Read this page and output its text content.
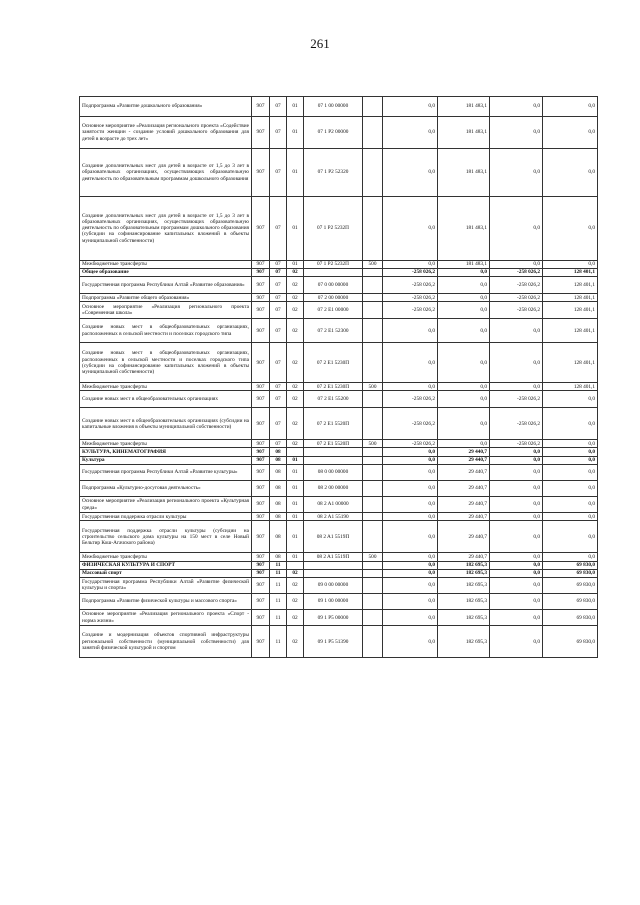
261
Подпрограмма «Развитие дошкольного образования»	907	07	01	07 1 00 00000		0,0	181 483,1	0,0	0,0
Основное мероприятие «Реализация регионального проекта «Содействие занятости женщин - создание условий дошкольного образования для детей в возрасте до трех лет»	907	07	01	07 1 P2 00000		0,0	181 483,1	0,0	0,0
Создание дополнительных мест для детей в возрасте от 1,5 до 3 лет в образовательных организациях, осуществляющих образовательную деятельность по образовательным программам дошкольного образования	907	07	01	07 1 P2 52320		0,0	181 483,1	0,0	0,0
Создание дополнительных мест для детей в возрасте от 1,5 до 3 лет в образовательных организациях, осуществляющих образовательную деятельность по образовательным программам дошкольного образования (субсидии на софинансирование капитальных вложений в объекты муниципальной собственности)	907	07	01	07 1 P2 5232П		0,0	181 483,1	0,0	0,0
Межбюджетные трансферты	907	07	01	07 1 P2 5232П	500	0,0	181 483,1	0,0	0,0
Общее образование	907	07	02			-258 026,2	0,0	-258 026,2	128 401,1
Государственная программа Республики Алтай «Развитие образования»	907	07	02	07 0 00 00000		-258 026,2	0,0	-258 026,2	128 401,1
Подпрограмма «Развитие общего образования»	907	07	02	07 2 00 00000		-258 026,2	0,0	-258 026,2	128 401,1
Основное мероприятие «Реализация регионального проекта «Современная школа»	907	07	02	07 2 E1 00000		-258 026,2	0,0	-258 026,2	128 401,1
Создание новых мест в общеобразовательных организациях, расположенных в сельской местности и поселках городского типа	907	07	02	07 2 E1 52300		0,0	0,0	0,0	128 401,1
Создание новых мест в общеобразовательных организациях, расположенных в сельской местности и поселках городского типа (субсидии на софинансирование капитальных вложений в объекты муниципальной собственности)	907	07	02	07 2 E1 5230П		0,0	0,0	0,0	128 401,1
Межбюджетные трансферты	907	07	02	07 2 E1 5230П	500	0,0	0,0	0,0	128 401,1
Создание новых мест в общеобразовательных организациях	907	07	02	07 2 E1 55200		-258 026,2	0,0	-258 026,2	0,0
Создание новых мест в общеобразовательных организациях (субсидии на капитальные вложения в объекты муниципальной собственности)	907	07	02	07 2 E1 5520П		-258 026,2	0,0	-258 026,2	0,0
Межбюджетные трансферты	907	07	02	07 2 E1 5520П	500	-258 026,2	0,0	-258 026,2	0,0
КУЛЬТУРА, КИНЕМАТОГРАФИЯ	907	08				0,0	29 440,7	0,0	0,0
Культура	907	08	01			0,0	29 440,7	0,0	0,0
Государственная программа Республики Алтай «Развитие культуры»	907	08	01	08 0 00 00000		0,0	29 440,7	0,0	0,0
Подпрограмма «Культурно-досуговая деятельность»	907	08	01	08 2 00 00000		0,0	29 440,7	0,0	0,0
Основное мероприятие «Реализация регионального проекта «Культурная среда»	907	08	01	08 2 A1 00000		0,0	29 440,7	0,0	0,0
Государственная поддержка отрасли культуры	907	08	01	08 2 A1 55190		0,0	29 440,7	0,0	0,0
Государственная поддержка отрасли культуры (субсидии на строительство сельского дома культуры на 150 мест в селе Новый Бельтир Кош-Агачского района)	907	08	01	08 2 A1 5519П		0,0	29 440,7	0,0	0,0
Межбюджетные трансферты	907	08	01	08 2 A1 5519П	500	0,0	29 440,7	0,0	0,0
ФИЗИЧЕСКАЯ КУЛЬТУРА И СПОРТ	907	11				0,0	182 695,3	0,0	69 830,0
Массовый спорт	907	11	02			0,0	182 695,3	0,0	69 830,0
Государственная программа Республики Алтай «Развитие физической культуры и спорта»	907	11	02	09 0 00 00000		0,0	182 695,3	0,0	69 830,0
Подпрограмма «Развитие физической культуры и массового спорта»	907	11	02	09 1 00 00000		0,0	182 695,3	0,0	69 830,0
Основное мероприятие «Реализация регионального проекта «Спорт - норма жизни»	907	11	02	09 1 P5 00000		0,0	182 695,3	0,0	69 830,0
Создание и модернизация объектов спортивной инфраструктуры региональной собственности (муниципальной собственности) для занятий физической культурой и спортом	907	11	02	09 1 P5 51390		0,0	182 695,3	0,0	69 830,0
